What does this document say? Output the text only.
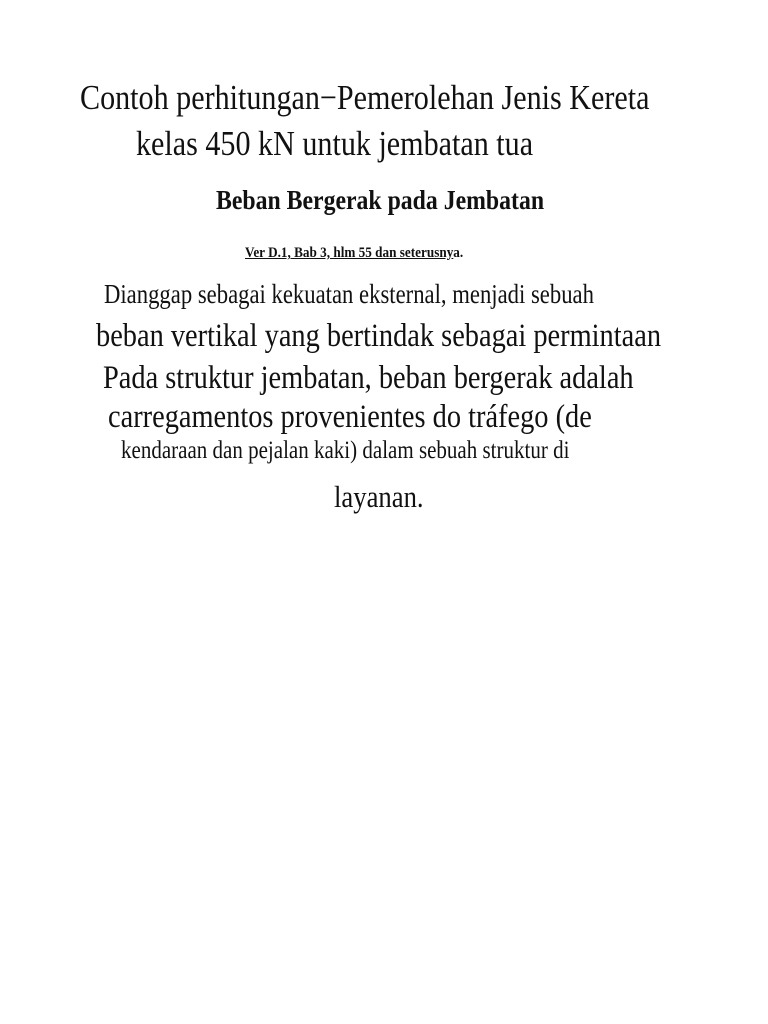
Contoh perhitungan−Pemerolehan Jenis Kereta
kelas 450 kN untuk jembatan tua
Beban Bergerak pada Jembatan

Ver D.1, Bab 3, hlm 55 dan seterusnya.

Dianggap sebagai kekuatan eksternal, menjadi sebuah

beban vertikal yang bertindak sebagai permintaan

Pada struktur jembatan, beban bergerak adalah

carregamentos provenientes do tráfego (de

kendaraan dan pejalan kaki) dalam sebuah struktur di

layanan.
